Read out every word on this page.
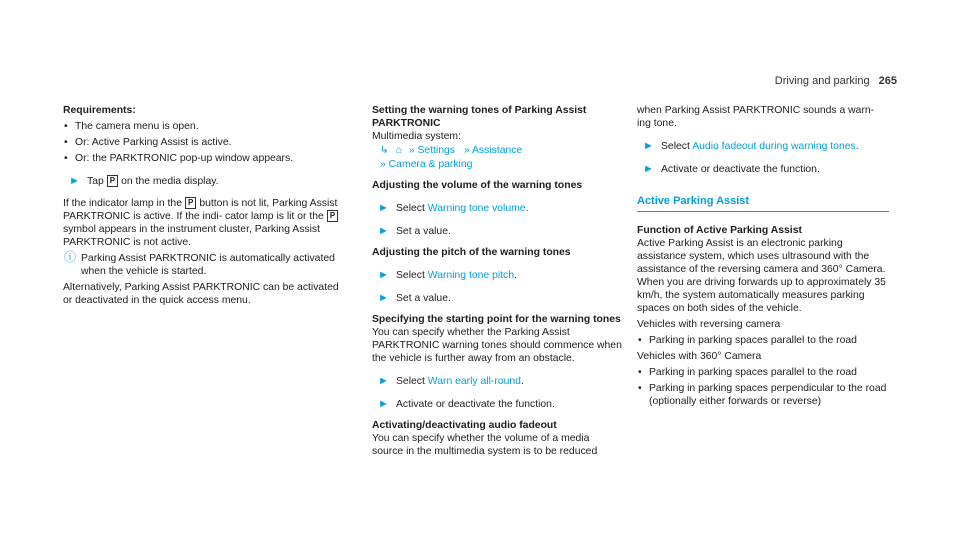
Driving and parking 265

Requirements:

• The camera menu is open.

• Or: Active Parking Assist is active.

• Or: the PARKTRONIC pop-up window appears.

► Tap P on the media display.

If the indicator lamp in the P button is not lit, Parking Assist PARKTRONIC is active. If the indi- cator lamp is lit or the Psymbol appears in the instrument cluster, Parking Assist PARKTRONIC is not active.

ⓘ Parking Assist PARKTRONIC is automatically activated when the vehicle is started.

Alternatively, Parking Assist PARKTRONIC can be activated or deactivated in the quick access menu.

Setting the warning tones of Parking Assist PARKTRONIC

Multimedia system:

↳ ⌂ » Settings » Assistance
» Camera & parking

Adjusting the volume of the warning tones

► Select Warning tone volume.
► Set a value.

Adjusting the pitch of the warning tones

► Select Warning tone pitch.
► Set a value.

Specifying the starting point for the warning tones

You can specify whether the Parking Assist PARKTRONIC warning tones should commence when the vehicle is further away from an obstacle.

► Select Warn early all-round.
► Activate or deactivate the function.

Activating/deactivating audio fadeout

You can specify whether the volume of a media source in the multimedia system is to be reduced

when Parking Assist PARKTRONIC sounds a warn- ing tone.

► Select Audio fadeout during warning tones.
► Activate or deactivate the function.
Active Parking Assist

Function of Active Parking Assist

Active Parking Assist is an electronic parking assistance system, which uses ultrasound with the assistance of the reversing camera and 360° Camera. When you are driving forwards up to approximately 35 km/h, the system automatically measures parking spaces on both sides of the vehicle.

Vehicles with reversing camera

• Parking in parking spaces parallel to the road

Vehicles with 360° Camera

• Parking in parking spaces parallel to the road

• Parking in parking spaces perpendicular to the road (optionally either forwards or reverse)
